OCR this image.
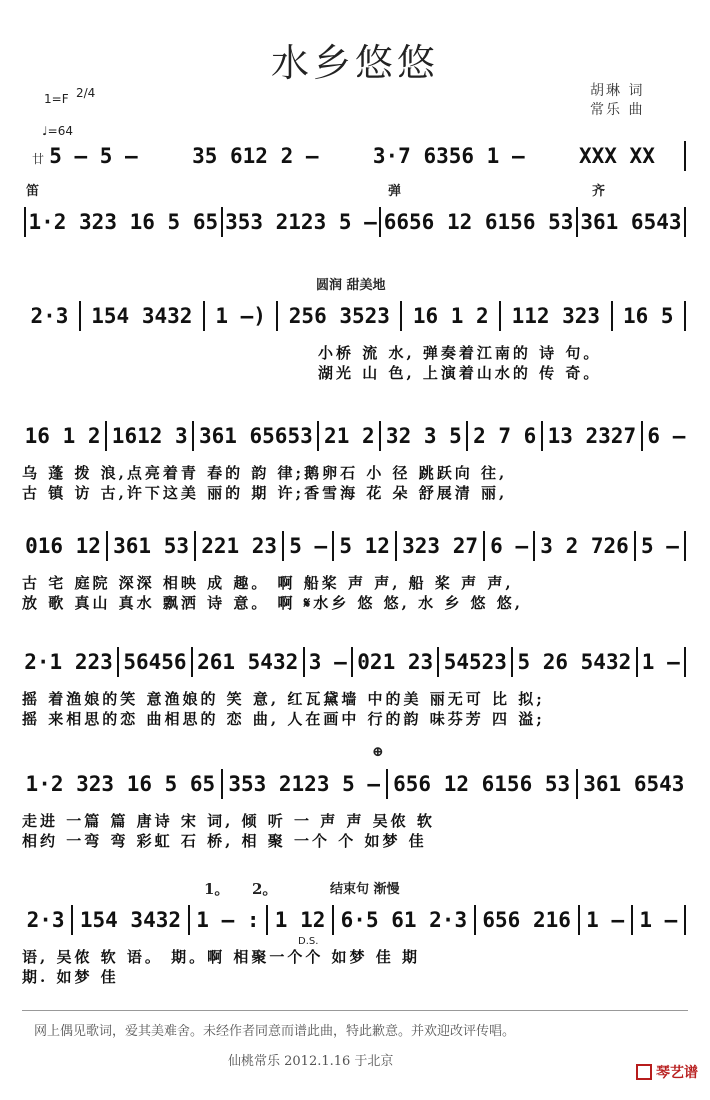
水乡悠悠
胡琳 词
常乐 曲
1=F 2/4
♩=64
廿 5 – 5 –	35 612 2 –	3·7 6356 1 –	XXX XX
笛	弹	齐
1·2 323 16 5 65 353 2123 5 – 6656 12 6156 53 361 6543
圆润 甜美地
2·3	154 3432	1 –)	256 3523	16 1 2	112 323	16 5
小桥 流 水, 弹奏着江南的 诗 句。
湖光 山 色, 上演着山水的 传 奇。
16 1 2 1612 3 361 65653 21 2 32 3 5 2 7 6 13 2327 6 –
乌 蓬 拨 浪,点亮着青 春的 韵 律;鹅卵石 小 径 跳跃向 往,
古 镇 访 古,许下这美 丽的 期 许;香雪海 花 朵 舒展清 丽,
016 12 361 53 221 23 5 – 5 12 323 27 6 – 3 2 726 5 –
古 宅 庭院 深深 相映 成 趣。 啊 船桨 声 声, 船 桨 声 声,
放 歌 真山 真水 飘洒 诗 意。 啊 𝄋水乡 悠 悠, 水 乡 悠 悠,
2·1 223 56456 261 5432 3 – 021 23 54523 5 26 5432 1 –
摇 着渔娘的笑 意渔娘的 笑 意, 红瓦黛墙 中的美 丽无可 比 拟;
摇 来相思的恋 曲相思的 恋 曲, 人在画中 行的韵 味芬芳 四 溢;
⊕
1·2 323 16 5 65 353 2123 5 – 656 12 6156 53 361 6543
走进 一篇 篇 唐诗 宋 词, 倾 听 一 声 声 吴侬 软
相约 一弯 弯 彩虹 石 桥, 相 聚 一个 个 如梦 佳
1。 2。	结束句 渐慢
2·3 154 3432 1 – : 1 12 6·5 61 2·3 656 216 1 – 1 –
语, 吴侬 软 语。 期。啊 相聚一个个 如梦 佳 期
期. 如梦 佳
D.S.
网上偶见歌词，爱其美难舍。未经作者同意而谱此曲，特此歉意。并欢迎改评传唱。
仙桃常乐 2012.1.16 于北京
琴艺谱
